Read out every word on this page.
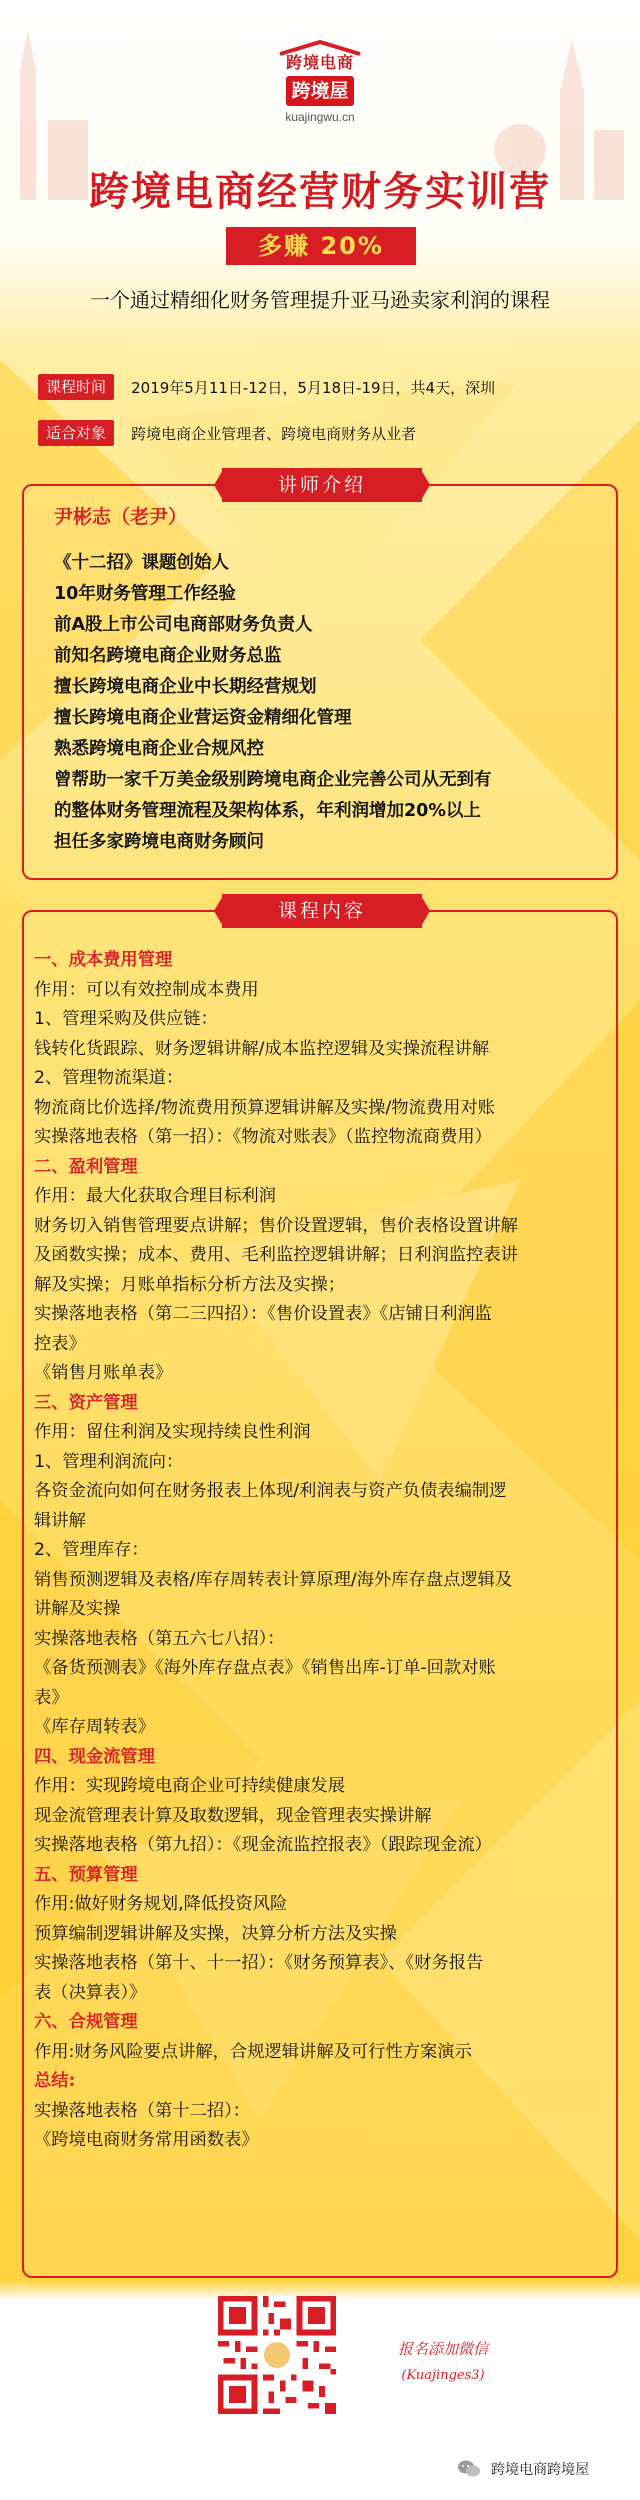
跨境电商
跨境屋
kuajingwu.cn
跨境电商经营财务实训营
多赚 20%
一个通过精细化财务管理提升亚马逊卖家利润的课程
课程时间 2019年5月11日-12日，5月18日-19日，共4天，深圳
适合对象 跨境电商企业管理者、跨境电商财务从业者
讲师介绍
尹彬志（老尹）
《十二招》课题创始人
10年财务管理工作经验
前A股上市公司电商部财务负责人
前知名跨境电商企业财务总监
擅长跨境电商企业中长期经营规划
擅长跨境电商企业营运资金精细化管理
熟悉跨境电商企业合规风控
曾帮助一家千万美金级别跨境电商企业完善公司从无到有
的整体财务管理流程及架构体系，年利润增加20%以上
担任多家跨境电商财务顾问
课程内容
一、成本费用管理
作用：可以有效控制成本费用
1、管理采购及供应链：
钱转化货跟踪、财务逻辑讲解/成本监控逻辑及实操流程讲解
2、管理物流渠道：
物流商比价选择/物流费用预算逻辑讲解及实操/物流费用对账
实操落地表格（第一招）：《物流对账表》（监控物流商费用）
二、盈利管理
作用：最大化获取合理目标利润
财务切入销售管理要点讲解；售价设置逻辑，售价表格设置讲解
及函数实操；成本、费用、毛利监控逻辑讲解；日利润监控表讲
解及实操；月账单指标分析方法及实操；
实操落地表格（第二三四招）：《售价设置表》《店铺日利润监
控表》
《销售月账单表》
三、资产管理
作用：留住利润及实现持续良性利润
1、管理利润流向：
各资金流向如何在财务报表上体现/利润表与资产负债表编制逻
辑讲解
2、管理库存：
销售预测逻辑及表格/库存周转表计算原理/海外库存盘点逻辑及
讲解及实操
实操落地表格（第五六七八招）：
《备货预测表》《海外库存盘点表》《销售出库-订单-回款对账
表》
《库存周转表》
四、现金流管理
作用：实现跨境电商企业可持续健康发展
现金流管理表计算及取数逻辑，现金管理表实操讲解
实操落地表格（第九招）：《现金流监控报表》（跟踪现金流）
五、预算管理
作用:做好财务规划,降低投资风险
预算编制逻辑讲解及实操，决算分析方法及实操
实操落地表格（第十、十一招）：《财务预算表》、《财务报告
表（决算表）》
六、合规管理
作用:财务风险要点讲解，合规逻辑讲解及可行性方案演示
总结:
实操落地表格（第十二招）：
《跨境电商财务常用函数表》
报名添加微信
(Kuajinges3)
跨境电商跨境屋
